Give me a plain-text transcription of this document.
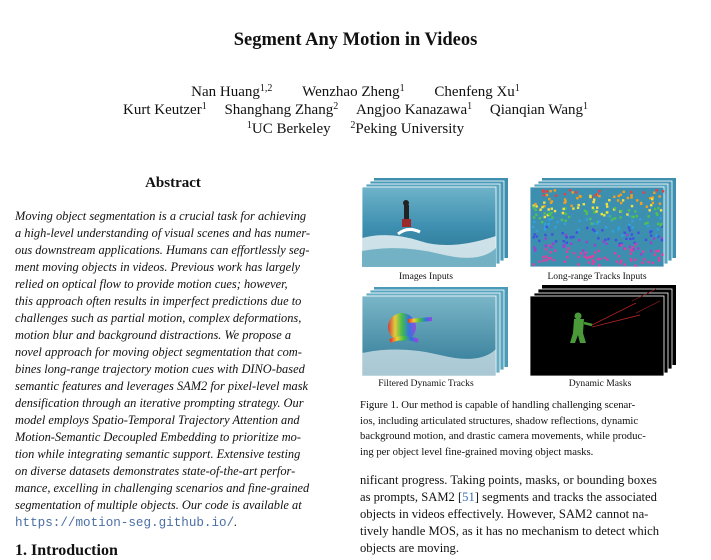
Segment Any Motion in Videos
Nan Huang$^{1,2}$ Wenzhao Zheng$^1$ Chenfeng Xu$^1$
Kurt Keutzer$^1$ Shanghang Zhang$^2$ Angjoo Kanazawa$^1$ Qianqian Wang$^1$
$^1$UC Berkeley $^2$Peking University
Abstract
Moving object segmentation is a crucial task for achieving
a high-level understanding of visual scenes and has numer-
ous downstream applications. Humans can effortlessly seg-
ment moving objects in videos. Previous work has largely
relied on optical flow to provide motion cues; however,
this approach often results in imperfect predictions due to
challenges such as partial motion, complex deformations,
motion blur and background distractions. We propose a
novel approach for moving object segmentation that com-
bines long-range trajectory motion cues with DINO-based
semantic features and leverages SAM2 for pixel-level mask
densification through an iterative prompting strategy. Our
model employs Spatio-Temporal Trajectory Attention and
Motion-Semantic Decoupled Embedding to prioritize mo-
tion while integrating semantic support. Extensive testing
on diverse datasets demonstrates state-of-the-art perfor-
mance, excelling in challenging scenarios and fine-grained
segmentation of multiple objects. Our code is available at
https://motion-seg.github.io/.
1. Introduction
Images Inputs	Long-range Tracks Inputs
Filtered Dynamic Tracks	Dynamic Masks
Figure 1. Our method is capable of handling challenging scenar-
ios, including articulated structures, shadow reflections, dynamic
background motion, and drastic camera movements, while produc-
ing per object level fine-grained moving object masks.
nificant progress. Taking points, masks, or bounding boxes
as prompts, SAM2 [51] segments and tracks the associated
objects in videos effectively. However, SAM2 cannot na-
tively handle MOS, as it has no mechanism to detect which
objects are moving.
